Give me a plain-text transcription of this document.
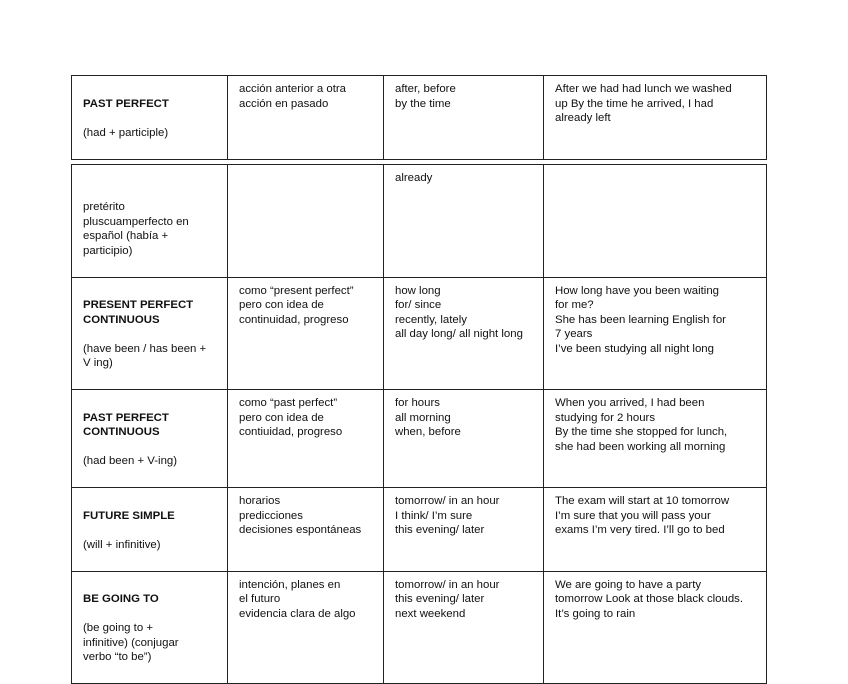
PAST PERFECT

(had + participle)

	acción anterior a otra
acción en pasado	after, before
by the time	After we had had lunch we washed
up By the time he arrived, I had
already left

pretérito
pluscuamperfecto en
español (había +
participio)		already	

PRESENT PERFECT
CONTINUOUS

(have been / has been +
V ing)	como “present perfect”
pero con idea de
continuidad, progreso	how long
for/ since
recently, lately
all day long/ all night long	How long have you been waiting
for me?
She has been learning English for
7 years
I’ve been studying all night long

PAST PERFECT
CONTINUOUS

(had been + V-ing)	como “past perfect”
pero con idea de
contiuidad, progreso	for hours
all morning
when, before	When you arrived, I had been
studying for 2 hours
By the time she stopped for lunch,
she had been working all morning

FUTURE SIMPLE

(will + infinitive)	horarios
predicciones
decisiones espontáneas	tomorrow/ in an hour
I think/ I’m sure
this evening/ later	The exam will start at 10 tomorrow
I’m sure that you will pass your
exams I’m very tired. I’ll go to bed

BE GOING TO

(be going to +
infinitive) (conjugar
verbo “to be”)	intención, planes en
el futuro
evidencia clara de algo	tomorrow/ in an hour
this evening/ later
next weekend	We are going to have a party
tomorrow Look at those black clouds.
It’s going to rain
